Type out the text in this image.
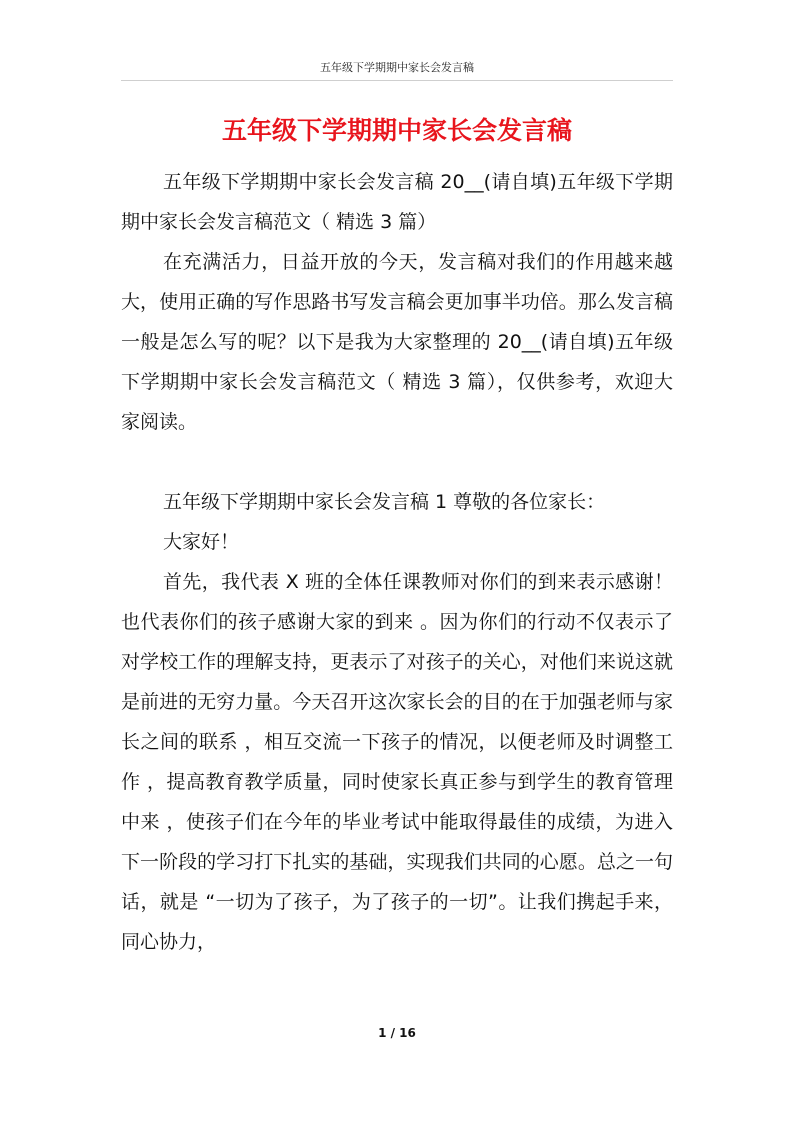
五年级下学期期中家长会发言稿
五年级下学期期中家长会发言稿

五年级下学期期中家长会发言稿 20__(请自填)五年级下学期期中家长会发言稿范文（ 精选 3 篇）

在充满活力，日益开放的今天，发言稿对我们的作用越来越大，使用正确的写作思路书写发言稿会更加事半功倍。那么发言稿一般是怎么写的呢？以下是我为大家整理的 20__(请自填)五年级下学期期中家长会发言稿范文（ 精选 3 篇），仅供参考，欢迎大家阅读。

五年级下学期期中家长会发言稿 1 尊敬的各位家长：

大家好！

首先，我代表 X 班的全体任课教师对你们的到来表示感谢！也代表你们的孩子感谢大家的到来 。因为你们的行动不仅表示了对学校工作的理解支持，更表示了对孩子的关心，对他们来说这就是前进的无穷力量。今天召开这次家长会的目的在于加强老师与家长之间的联系 ，相互交流一下孩子的情况，以便老师及时调整工作 ，提高教育教学质量，同时使家长真正参与到学生的教育管理中来 ，使孩子们在今年的毕业考试中能取得最佳的成绩，为进入下一阶段的学习打下扎实的基础，实现我们共同的心愿。总之一句话，就是 “一切为了孩子，为了孩子的一切”。让我们携起手来，同心协力，

1 / 16
